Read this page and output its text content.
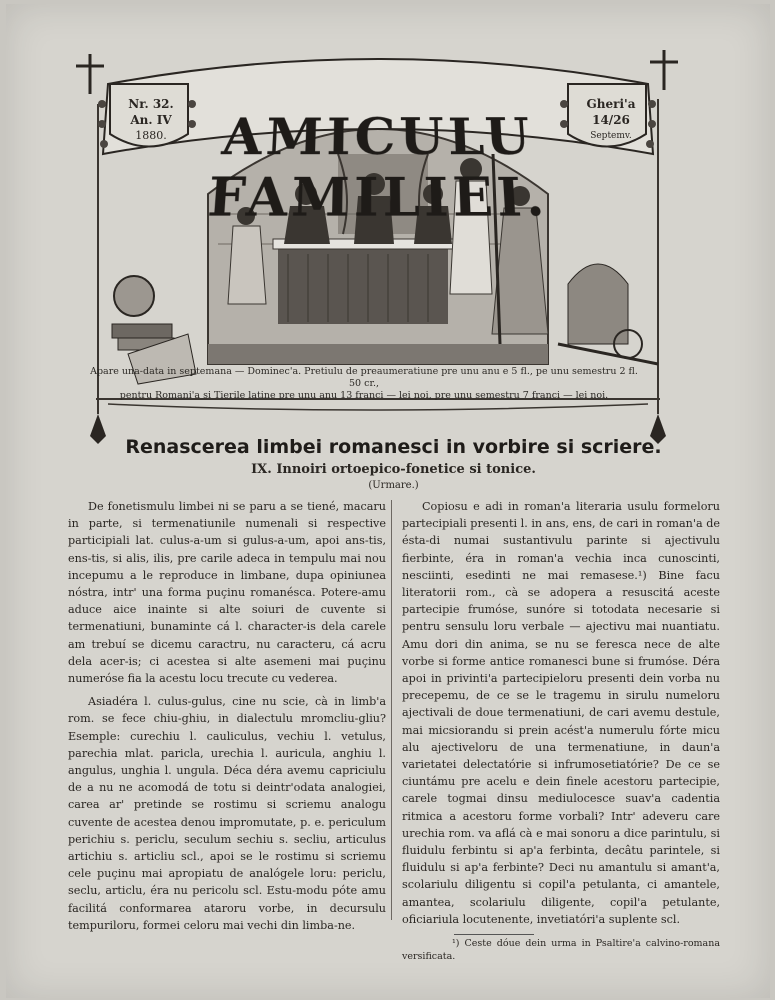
AMICULU FAMILIEI.
Nr. 32.
An. IV
1880.
Gheri'a
14/26
Septemv.
Apare una-data in septemana — Dominec'a. Pretiulu de preaumeratiune pre unu anu e 5 fl., pe unu semestru 2 fl. 50 cr.,
pentru Romani'a si Tierile latine pre unu anu 13 franci — lei noi, pre unu semestru 7 franci — lei noi.
Renascerea limbei romanesci in vorbire si scriere.
IX. Innoiri ortoepico-fonetice si tonice.
(Urmare.)

De fonetismulu limbei ni se paru a se tiené, macaru in parte, si termenatiunile numenali si respective participiali lat. culus-a-um si gulus-a-um, apoi ans-tis, ens-tis, si alis, ilis, pre carile adeca in tempulu mai nou incepumu a le reproduce in limbane, dupa opiniunea nóstra, intr' una forma puçinu romanésca. Potere-amu aduce aice inainte si alte soiuri de cuvente si termenatiuni, bunaminte cá l. character-is dela carele am trebuí se dicemu caractru, nu caracteru, cá acru dela acer-is; ci acestea si alte asemeni mai puçinu numeróse fia la acestu locu trecute cu vederea.

Asiadéra l. culus-gulus, cine nu scie, cà in limb'a rom. se fece chiu-ghiu, in dialectulu mromcliu-gliu? Esemple: curechiu l. cauliculus, vechiu l. vetulus, parechia mlat. paricla, urechia l. auricula, anghiu l. angulus, unghia l. ungula. Déca déra avemu capriciulu de a nu ne acomodá de totu si deintr'odata analogiei, carea ar' pretinde se rostimu si scriemu analogu cuvente de acestea denou impromutate, p. e. periculum perichiu s. periclu, seculum sechiu s. secliu, articulus artichiu s. articliu scl., apoi se le rostimu si scriemu cele puçinu mai apropiatu de analógele loru: periclu, seclu, articlu, éra nu pericolu scl. Estu-modu póte amu facilitá conformarea ataroru vorbe, in decursulu tempuriloru, formei celoru mai vechi din limba-ne.

Copiosu e adi in roman'a literaria usulu formeloru partecipiali presenti l. in ans, ens, de cari in roman'a de ésta-di numai sustantivulu parinte si ajectivulu fierbinte, éra in roman'a vechia inca cunoscinti, nesciinti, esedinti ne mai remasese.¹) Bine facu literatorii rom., cà se adopera a resuscitá aceste partecipie frumóse, sunóre si totodata necesarie si pentru sensulu loru verbale — ajectivu mai nuantiatu. Amu dori din anima, se nu se feresca nece de alte vorbe si forme antice romanesci bune si frumóse. Déra apoi in privinti'a partecipieloru presenti dein vorba nu precepemu, de ce se le tragemu in sirulu numeloru ajectivali de doue termenatiuni, de cari avemu destule, mai micsiorandu si prein acést'a numerulu fórte micu alu ajectiveloru de una termenatiune, in daun'a varietatei delectatórie si infrumosetiatórie? De ce se ciuntámu pre acelu e dein finele acestoru partecipie, carele togmai dinsu mediulocesce suav'a cadentia ritmica a acestoru forme vorbali? Intr' adeveru care urechia rom. va aflá cà e mai sonoru a dice parintulu, si fluidulu ferbintu si ap'a ferbinta, decâtu parintele, si fluidulu si ap'a ferbinte? Deci nu amantulu si amant'a, scolariulu diligentu si copil'a petulanta, ci amantele, amantea, scolariulu diligente, copil'a petulante, oficiariula locutenente, invetiatóri'a suplente scl.

¹) Ceste dóue dein urma in Psaltire'a calvino-romana versificata.
